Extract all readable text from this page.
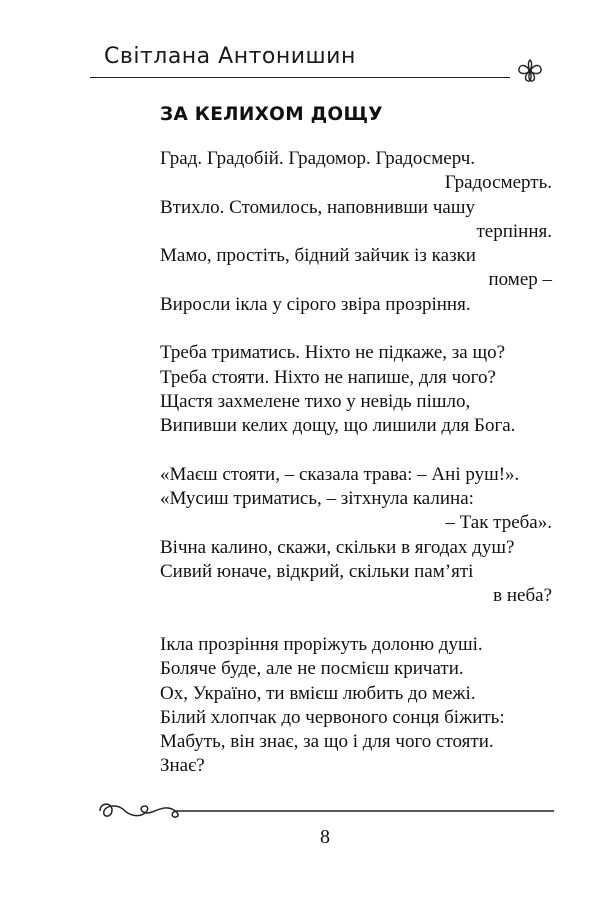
Світлана Антонишин
ЗА КЕЛИХОМ ДОЩУ
Град. Градобій. Градомор. Градосмерч.
Градосмерть.
Втихло. Стомилось, наповнивши чашу
терпіння.
Мамо, простіть, бідний зайчик із казки
помер –
Виросли ікла у сірого звіра прозріння.
Треба триматись. Ніхто не підкаже, за що?
Треба стояти. Ніхто не напише, для чого?
Щастя захмелене тихо у невідь пішло,
Випивши келих дощу, що лишили для Бога.
«Маєш стояти, – сказала трава: – Ані руш!».
«Мусиш триматись, – зітхнула калина:
– Так треба».
Вічна калино, скажи, скільки в ягодах душ?
Сивий юначе, відкрий, скільки пам’яті
в неба?
Ікла прозріння проріжуть долоню душі.
Боляче буде, але не посмієш кричати.
Ох, Україно, ти вмієш любить до межі.
Білий хлопчак до червоного сонця біжить:
Мабуть, він знає, за що і для чого стояти.
Знає?
8
